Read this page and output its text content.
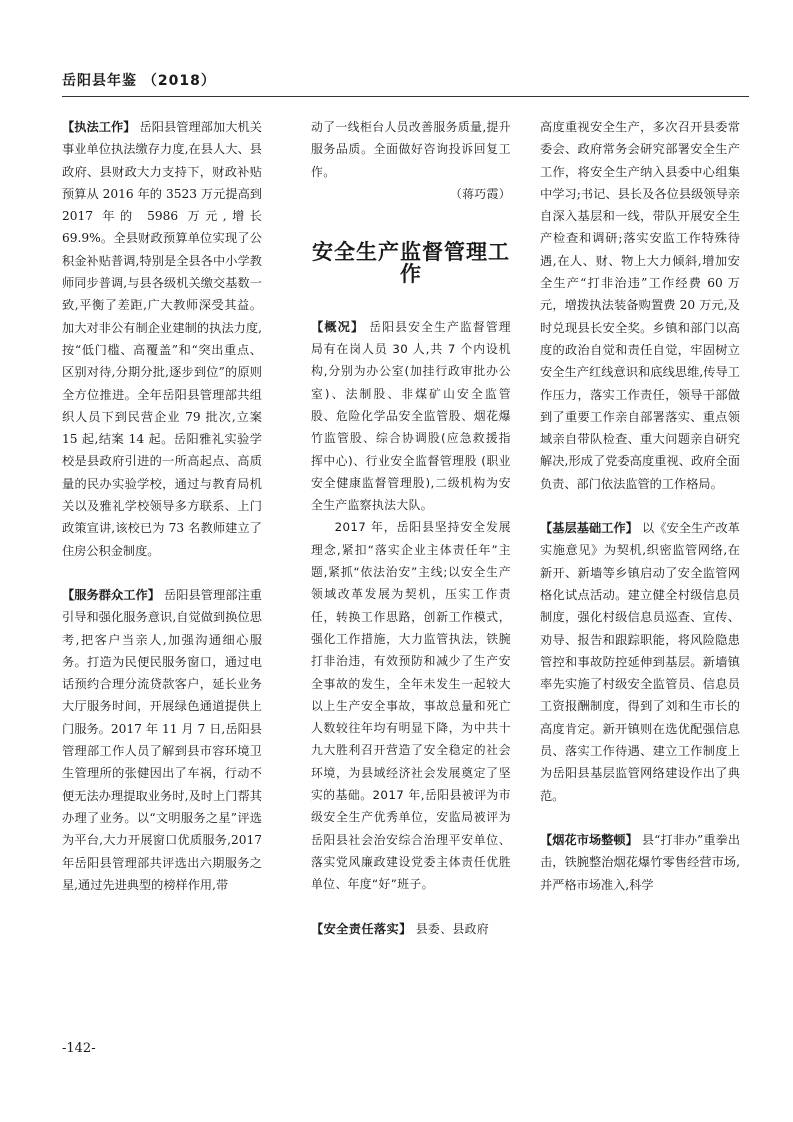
岳阳县年鉴 （2018）

【执法工作】 岳阳县管理部加大机关事业单位执法缴存力度,在县人大、县政府、县财政大力支持下，财政补贴预算从 2016 年的 3523 万元提高到 2017 年的 5986 万元,增长 69.9%。全县财政预算单位实现了公积金补贴普调,特别是全县各中小学教师同步普调,与县各级机关缴交基数一致,平衡了差距,广大教师深受其益。加大对非公有制企业建制的执法力度,按“低门槛、高覆盖”和“突出重点、区别对待,分期分批,逐步到位”的原则全方位推进。全年岳阳县管理部共组织人员下到民营企业 79 批次,立案 15 起,结案 14 起。岳阳雅礼实验学校是县政府引进的一所高起点、高质量的民办实验学校，通过与教育局机关以及雅礼学校领导多方联系、上门政策宣讲,该校已为 73 名教师建立了住房公积金制度。

【服务群众工作】 岳阳县管理部注重引导和强化服务意识,自觉做到换位思考,把客户当亲人,加强沟通细心服务。打造为民便民服务窗口，通过电话预约合理分流贷款客户，延长业务大厅服务时间，开展绿色通道提供上门服务。2017 年 11 月 7 日,岳阳县管理部工作人员了解到县市容环境卫生管理所的张健因出了车祸，行动不便无法办理提取业务时,及时上门帮其办理了业务。以“文明服务之星”评选为平台,大力开展窗口优质服务,2017 年岳阳县管理部共评选出六期服务之星,通过先进典型的榜样作用,带

动了一线柜台人员改善服务质量,提升服务品质。全面做好咨询投诉回复工作。

（蒋巧霞）

安全生产监督管理工作

【概况】 岳阳县安全生产监督管理局有在岗人员 30 人,共 7 个内设机构,分别为办公室(加挂行政审批办公室)、法制股、非煤矿山安全监管股、危险化学品安全监管股、烟花爆竹监管股、综合协调股(应急救援指挥中心)、行业安全监督管理股 (职业安全健康监督管理股),二级机构为安全生产监察执法大队。

2017 年，岳阳县坚持安全发展理念,紧扣“落实企业主体责任年”主题,紧抓“依法治安”主线;以安全生产领域改革发展为契机，压实工作责任，转换工作思路，创新工作模式，强化工作措施，大力监管执法，铁腕打非治违，有效预防和减少了生产安全事故的发生，全年未发生一起较大以上生产安全事故，事故总量和死亡人数较往年均有明显下降，为中共十九大胜利召开营造了安全稳定的社会环境，为县域经济社会发展奠定了坚实的基础。2017 年,岳阳县被评为市级安全生产优秀单位，安监局被评为岳阳县社会治安综合治理平安单位、落实党风廉政建设党委主体责任优胜单位、年度“好”班子。

【安全责任落实】 县委、县政府

高度重视安全生产，多次召开县委常委会、政府常务会研究部署安全生产工作，将安全生产纳入县委中心组集中学习;书记、县长及各位县级领导亲自深入基层和一线，带队开展安全生产检查和调研;落实安监工作特殊待遇,在人、财、物上大力倾斜,增加安全生产“打非治违”工作经费 60 万元，增拨执法装备购置费 20 万元,及时兑现县长安全奖。乡镇和部门以高度的政治自觉和责任自觉，牢固树立安全生产红线意识和底线思维,传导工作压力，落实工作责任，领导干部做到了重要工作亲自部署落实、重点领域亲自带队检查、重大问题亲自研究解决,形成了党委高度重视、政府全面负责、部门依法监管的工作格局。

【基层基础工作】 以《安全生产改革实施意见》为契机,织密监管网络,在新开、新墙等乡镇启动了安全监管网格化试点活动。建立健全村级信息员制度，强化村级信息员巡查、宣传、劝导、报告和跟踪职能，将风险隐患管控和事故防控延伸到基层。新墙镇率先实施了村级安全监管员、信息员工资报酬制度，得到了刘和生市长的高度肯定。新开镇则在选优配强信息员、落实工作待遇、建立工作制度上为岳阳县基层监管网络建设作出了典范。

【烟花市场整顿】 县“打非办”重拳出击，铁腕整治烟花爆竹零售经营市场,并严格市场准入,科学

-142-
